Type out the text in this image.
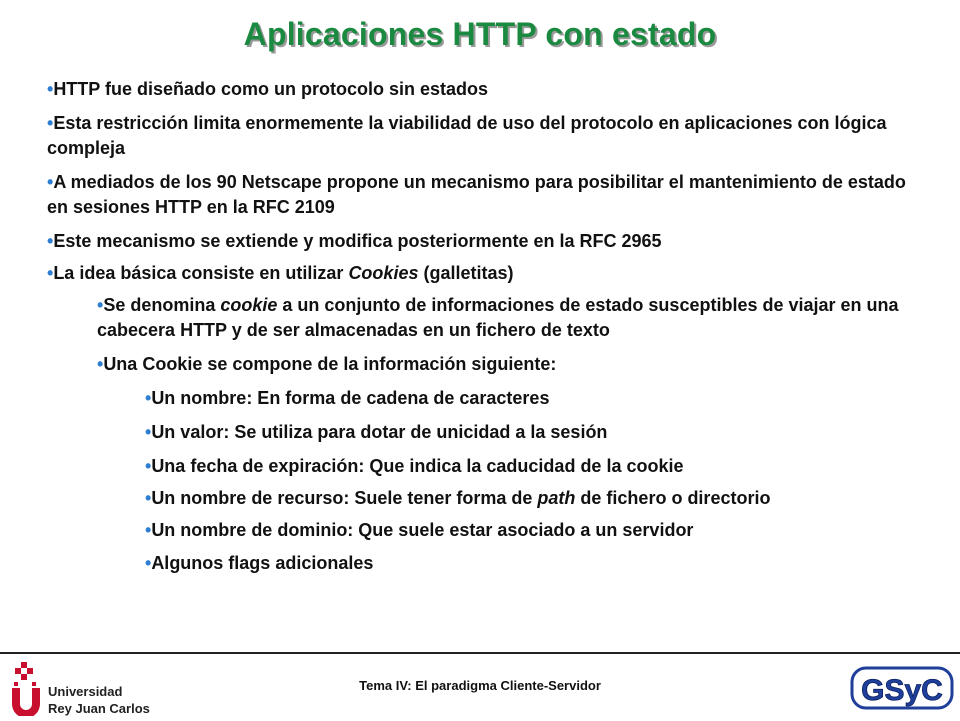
Aplicaciones HTTP con estado
•HTTP fue diseñado como un protocolo sin estados
•Esta restricción limita enormemente la viabilidad de uso del protocolo en aplicaciones con lógica compleja
•A mediados de los 90 Netscape propone un mecanismo para posibilitar el mantenimiento de estado en sesiones HTTP en la RFC 2109
•Este mecanismo se extiende y modifica posteriormente en la RFC 2965
•La idea básica consiste en utilizar Cookies (galletitas)
•Se denomina cookie a un conjunto de informaciones de estado susceptibles de viajar en una cabecera HTTP y de ser almacenadas en un fichero de texto
•Una Cookie se compone de la información siguiente:
•Un nombre: En forma de cadena de caracteres
•Un valor: Se utiliza para dotar de unicidad a la sesión
•Una fecha de expiración: Que indica la caducidad de la cookie
•Un nombre de recurso: Suele tener forma de path de fichero o directorio
•Un nombre de dominio: Que suele estar asociado a un servidor
•Algunos flags adicionales
Universidad
Rey Juan Carlos
Tema IV: El paradigma Cliente-Servidor	GSyC
